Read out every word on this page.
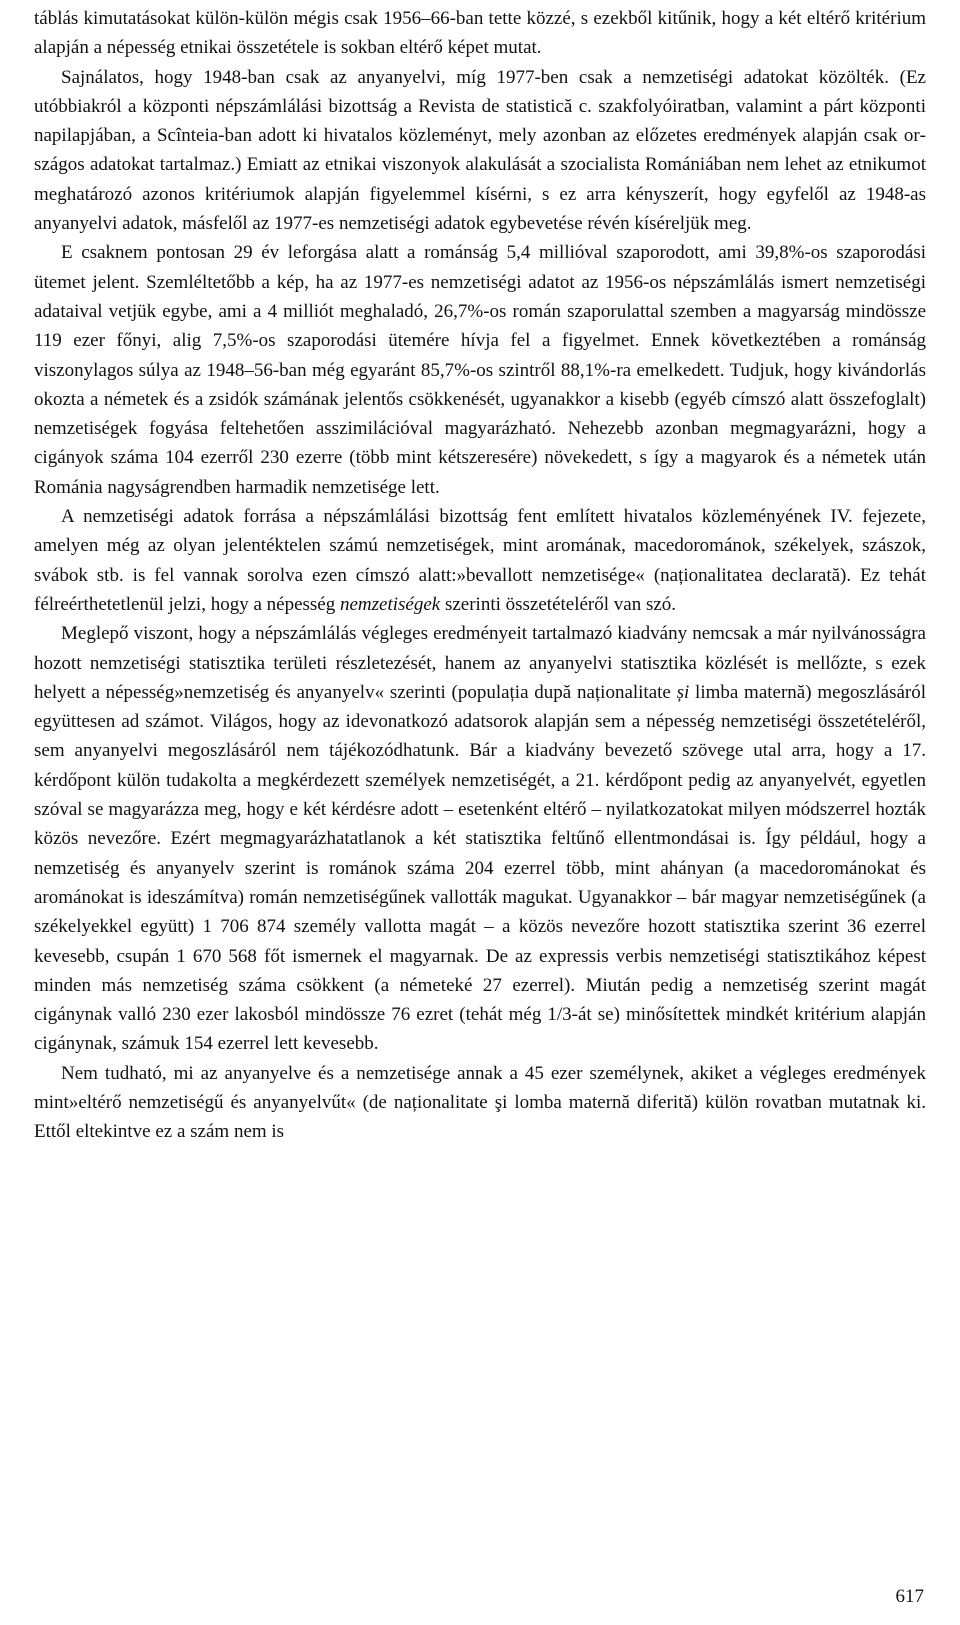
táblás kimutatásokat külön-külön mégis csak 1956–66-ban tette közzé, s ezekből kitűnik, hogy a két eltérő kritérium alapján a népesség etnikai összetétele is sokban eltérő képet mutat.

Sajnálatos, hogy 1948-ban csak az anyanyelvi, míg 1977-ben csak a nemzetiségi adatokat közölték. (Ez utóbbiakról a központi népszámlálási bizottság a Revista de statistică c. szakfolyóiratban, valamint a párt központi napilapjában, a Scînteia-ban adott ki hivatalos közleményt, mely azonban az előzetes eredmények alapján csak országos adatokat tartalmaz.) Emiatt az etnikai viszonyok alakulását a szocialista Romániában nem lehet az etnikumot meghatározó azonos kritériumok alapján figyelemmel kísérni, s ez arra kényszerít, hogy egyfelől az 1948-as anyanyelvi adatok, másfelől az 1977-es nemzetiségi adatok egybevetése révén kíséreljük meg.

E csaknem pontosan 29 év leforgása alatt a románság 5,4 millióval szaporodott, ami 39,8%-os szaporodási ütemet jelent. Szemléltetőbb a kép, ha az 1977-es nemzetiségi adatot az 1956-os népszámlálás ismert nemzetiségi adataival vetjük egybe, ami a 4 milliót meghaladó, 26,7%-os román szaporulattal szemben a magyarság mindössze 119 ezer főnyi, alig 7,5%-os szaporodási ütemére hívja fel a figyelmet. Ennek következtében a románság viszonylagos súlya az 1948–56-ban még egyaránt 85,7%-os szintről 88,1%-ra emelkedett. Tudjuk, hogy kivándorlás okozta a németek és a zsidók számának jelentős csökkenését, ugyanakkor a kisebb (egyéb címszó alatt összefoglalt) nemzetiségek fogyása feltehetően asszimilációval magyarázható. Nehezebb azonban megmagyarázni, hogy a cigányok száma 104 ezerről 230 ezerre (több mint kétszeresére) növekedett, s így a magyarok és a németek után Románia nagyságrendben harmadik nemzetisége lett.

A nemzetiségi adatok forrása a népszámlálási bizottság fent említett hivatalos közleményének IV. fejezete, amelyen még az olyan jelentéktelen számú nemzetiségek, mint aromának, macedorománok, székelyek, szászok, svábok stb. is fel vannak sorolva ezen címszó alatt:»bevallott nemzetisége« (naționalitatea declarată). Ez tehát félreérthetetlenül jelzi, hogy a népesség nemzetiségek szerinti összetételéről van szó.

Meglepő viszont, hogy a népszámlálás végleges eredményeit tartalmazó kiadvány nemcsak a már nyilvánosságra hozott nemzetiségi statisztika területi részletezését, hanem az anyanyelvi statisztika közlését is mellőzte, s ezek helyett a népesség»nemzetiség és anyanyelv« szerinti (populația după naționalitate și limba maternă) megoszlásáról együttesen ad számot. Világos, hogy az idevonatkozó adatsorok alapján sem a népesség nemzetiségi összetételéről, sem anyanyelvi megoszlásáról nem tájékozódhatunk. Bár a kiadvány bevezető szövege utal arra, hogy a 17. kérdőpont külön tudakolta a megkérdezett személyek nemzetiségét, a 21. kérdőpont pedig az anyanyelvét, egyetlen szóval se magyarázza meg, hogy e két kérdésre adott – esetenként eltérő – nyilatkozatokat milyen módszerrel hozták közös nevezőre. Ezért megmagyarázhatatlanok a két statisztika feltűnő ellentmondásai is. Így például, hogy a nemzetiség és anyanyelv szerint is románok száma 204 ezerrel több, mint ahányan (a macedorománokat és arománokat is ideszámítva) román nemzetiségűnek vallották magukat. Ugyanakkor – bár magyar nemzetiségűnek (a székelyekkel együtt) 1 706 874 személy vallotta magát – a közös nevezőre hozott statisztika szerint 36 ezerrel kevesebb, csupán 1 670 568 főt ismernek el magyarnak. De az expressis verbis nemzetiségi statisztikához képest minden más nemzetiség száma csökkent (a németeké 27 ezerrel). Miután pedig a nemzetiség szerint magát cigánynak valló 230 ezer lakosból mindössze 76 ezret (tehát még 1/3-át se) minősítettek mindkét kritérium alapján cigánynak, számuk 154 ezerrel lett kevesebb.

Nem tudható, mi az anyanyelve és a nemzetisége annak a 45 ezer személynek, akiket a végleges eredmények mint»eltérő nemzetiségű és anyanyelvűt« (de naționalitate şi lomba maternă diferită) külön rovatban mutatnak ki. Ettől eltekintve ez a szám nem is

617
